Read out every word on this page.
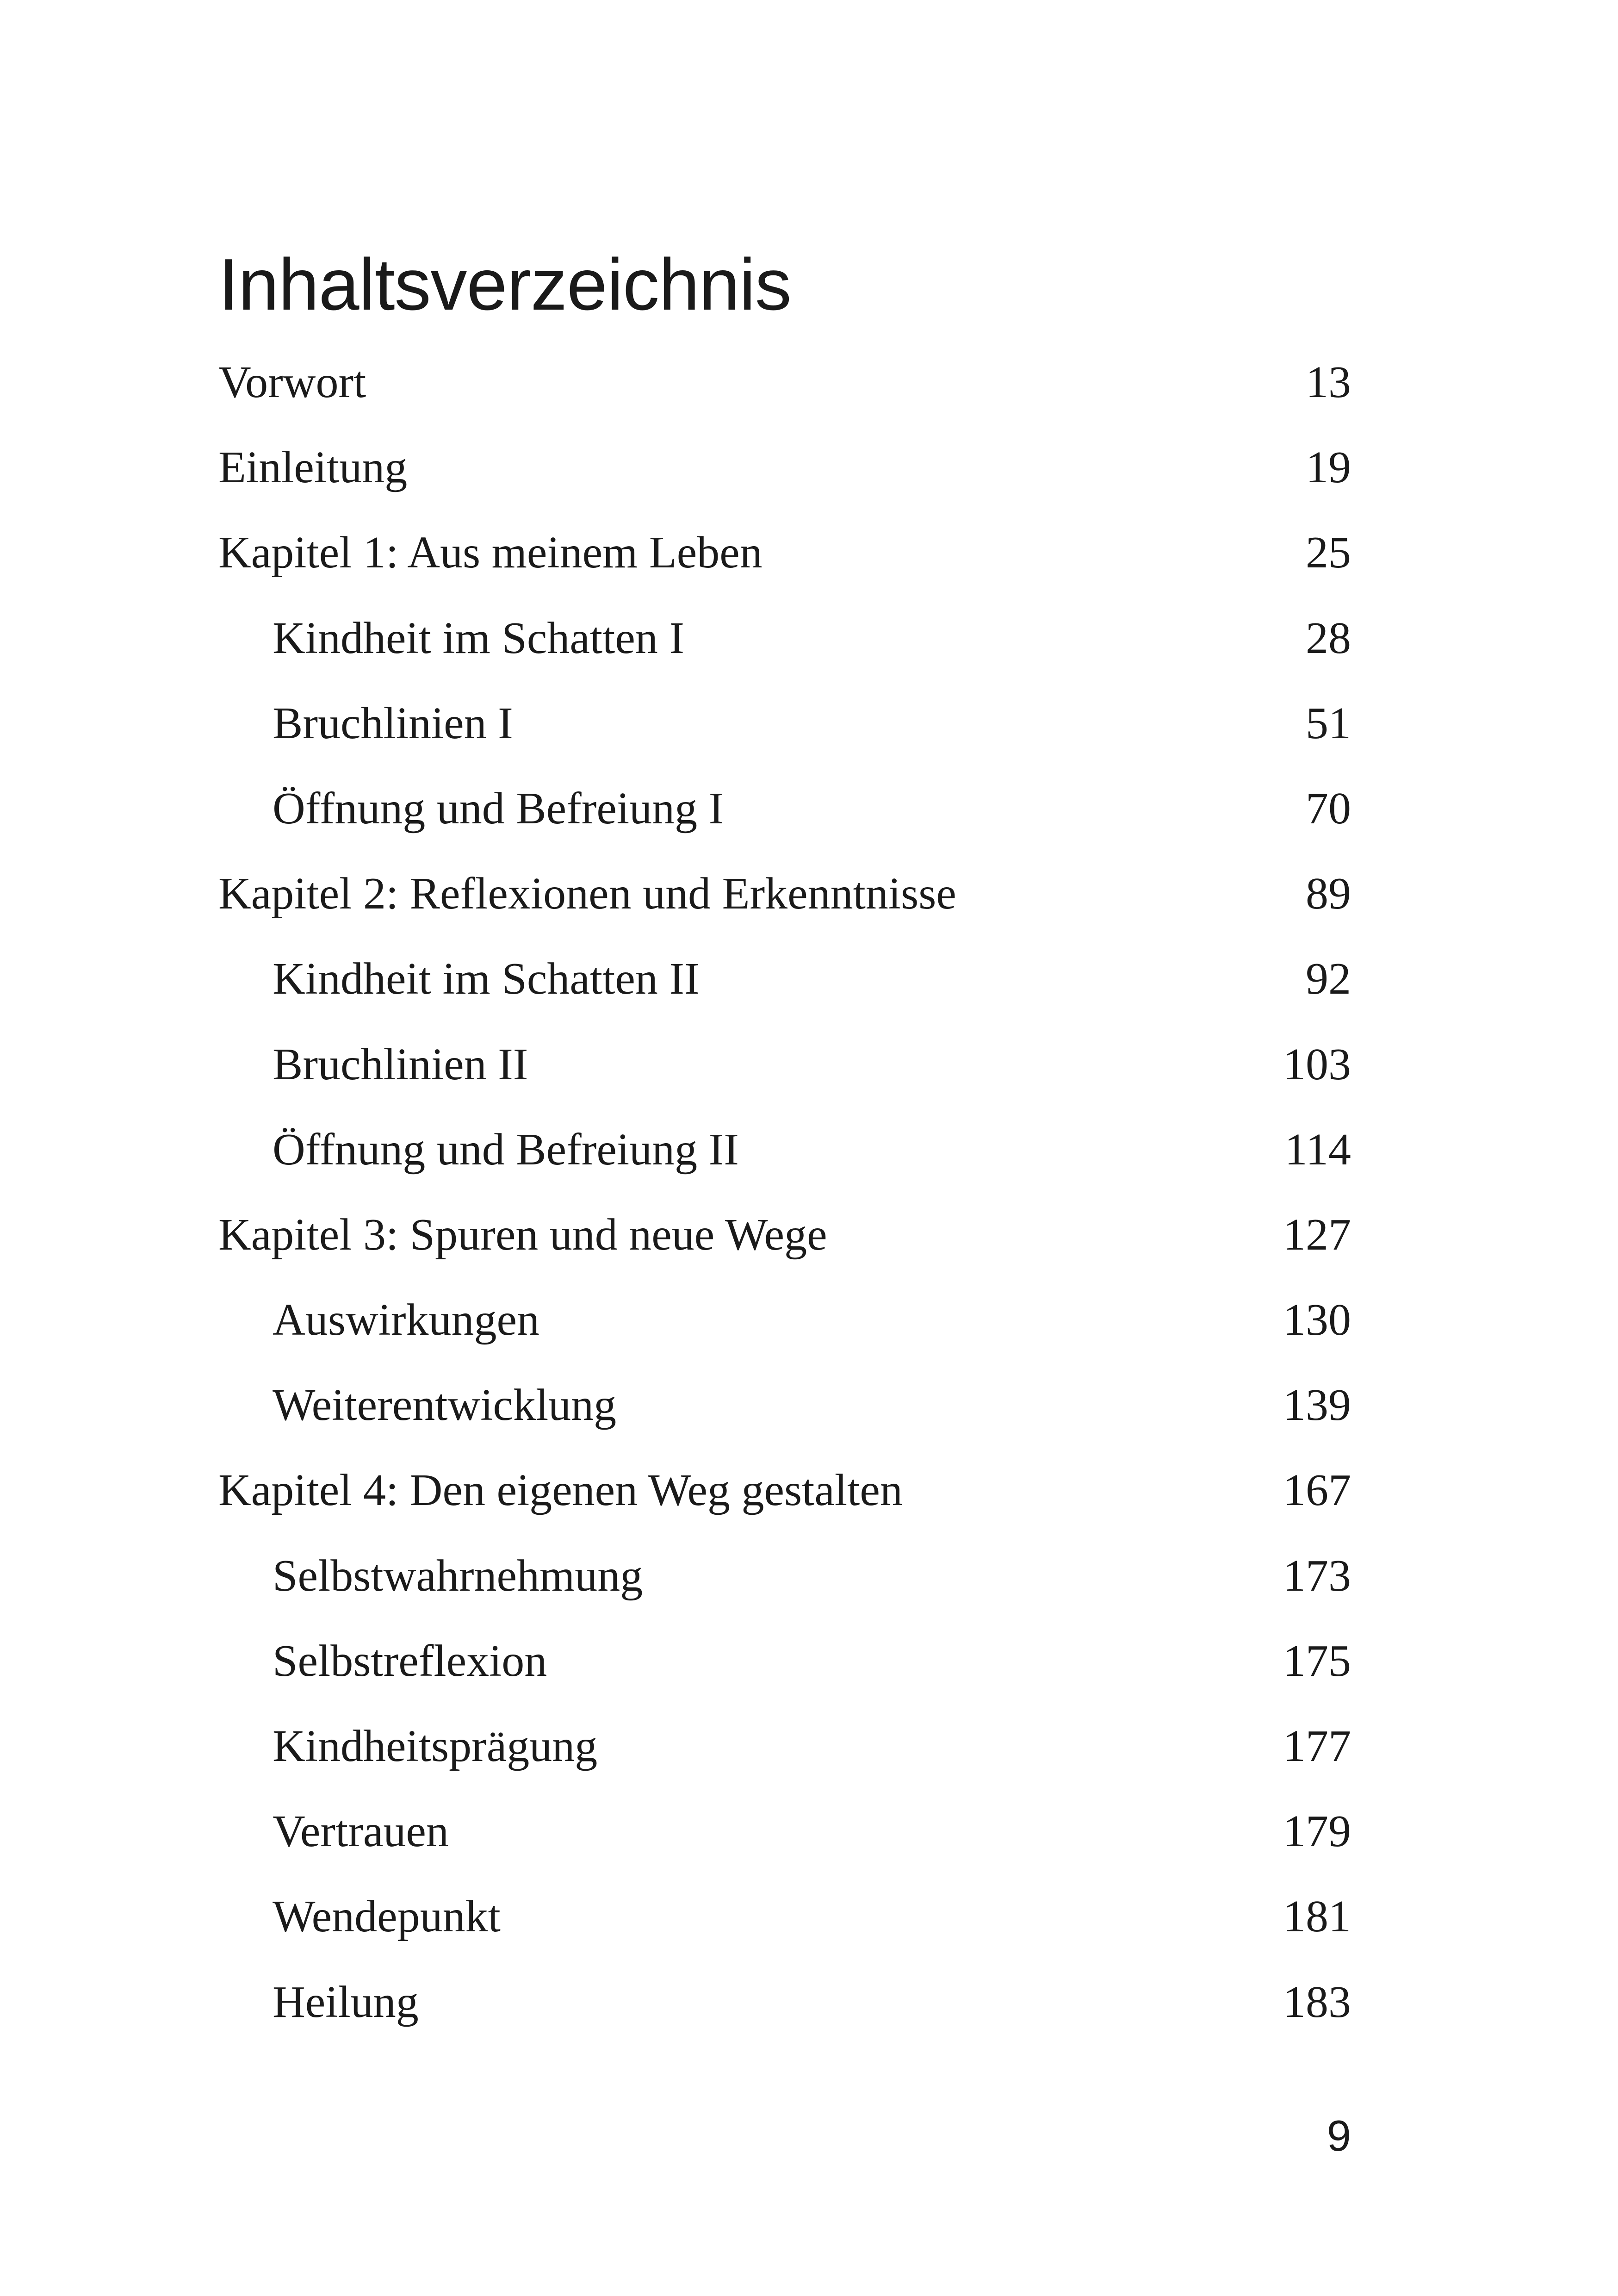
Inhaltsverzeichnis
Vorwort	13
Einleitung	19
Kapitel 1: Aus meinem Leben	25
Kindheit im Schatten I	28
Bruchlinien I	51
Öffnung und Befreiung I	70
Kapitel 2: Reflexionen und Erkenntnisse	89
Kindheit im Schatten II	92
Bruchlinien II	103
Öffnung und Befreiung II	114
Kapitel 3: Spuren und neue Wege	127
Auswirkungen	130
Weiterentwicklung	139
Kapitel 4: Den eigenen Weg gestalten	167
Selbstwahrnehmung	173
Selbstreflexion	175
Kindheitsprägung	177
Vertrauen	179
Wendepunkt	181
Heilung	183
9
